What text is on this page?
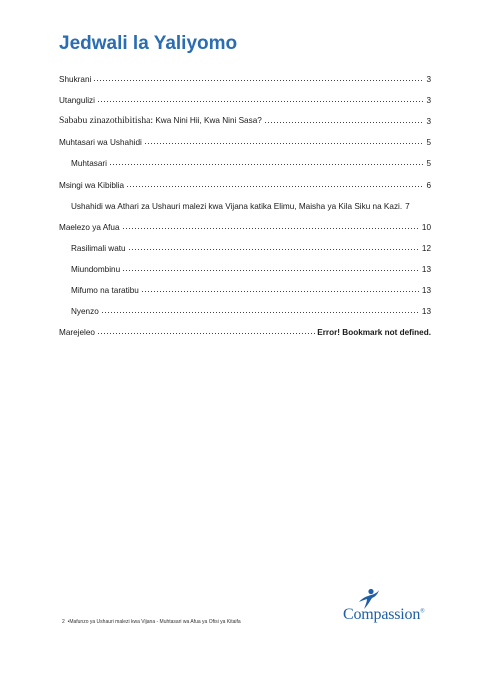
Jedwali la Yaliyomo
Shukrani	3
Utangulizi	3
Sababu zinazothibitisha: Kwa Nini Hii, Kwa Nini Sasa?	3
Muhtasari wa Ushahidi	5
Muhtasari	5
Msingi wa Kibiblia	6
Ushahidi wa Athari za Ushauri malezi kwa Vijana katika Elimu, Maisha ya Kila Siku na Kazi. 7
Maelezo ya Afua	10
Rasilimali watu	12
Miundombinu	13
Mifumo na taratibu	13
Nyenzo	13
Marejeleo	Error! Bookmark not defined.
2 •Mafunzo ya Ushauri malezi kwa Vijana - Muhtasari wa Afua ya Ofisi ya Kitaifa	Compassion®
